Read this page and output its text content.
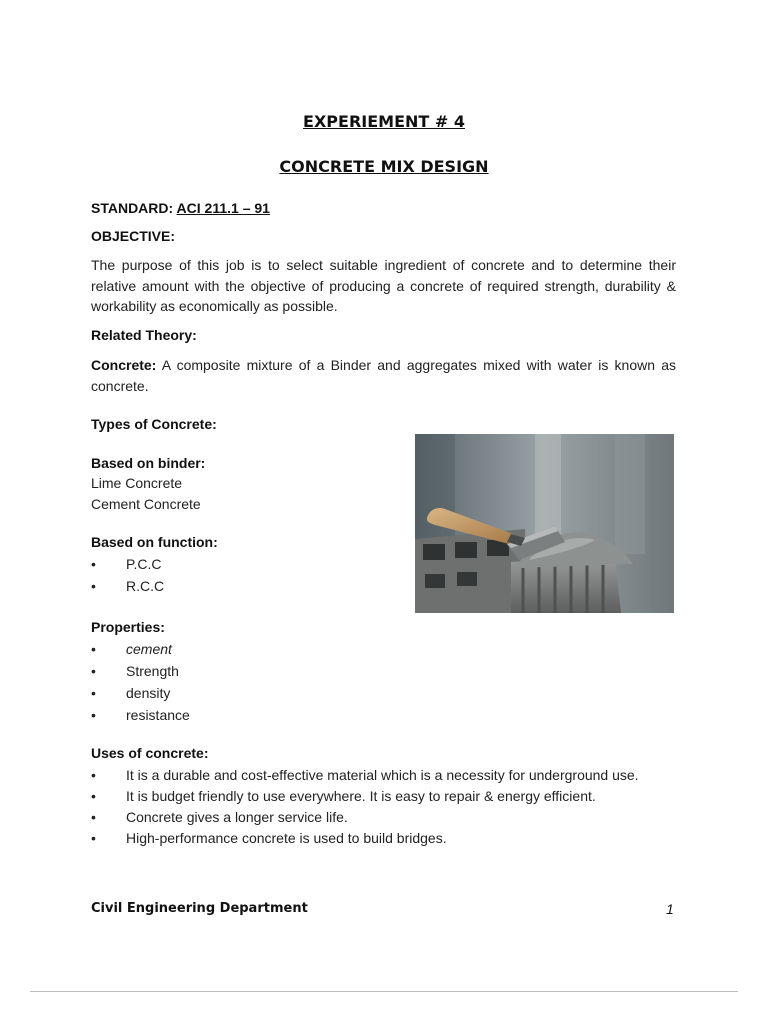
EXPERIEMENT # 4
CONCRETE MIX DESIGN
STANDARD: ACI 211.1 – 91
OBJECTIVE:
The purpose of this job is to select suitable ingredient of concrete and to determine their relative amount with the objective of producing a concrete of required strength, durability & workability as economically as possible.
Related Theory:
Concrete: A composite mixture of a Binder and aggregates mixed with water is known as concrete.
Types of Concrete:
Based on binder:
Lime Concrete
Cement Concrete
Based on function:
• P.C.C
• R.C.C
Properties:
• cement
• Strength
• density
• resistance
Uses of concrete:
• It is a durable and cost-effective material which is a necessity for underground use.
• It is budget friendly to use everywhere. It is easy to repair & energy efficient.
• Concrete gives a longer service life.
• High-performance concrete is used to build bridges.
Civil Engineering Department	1
